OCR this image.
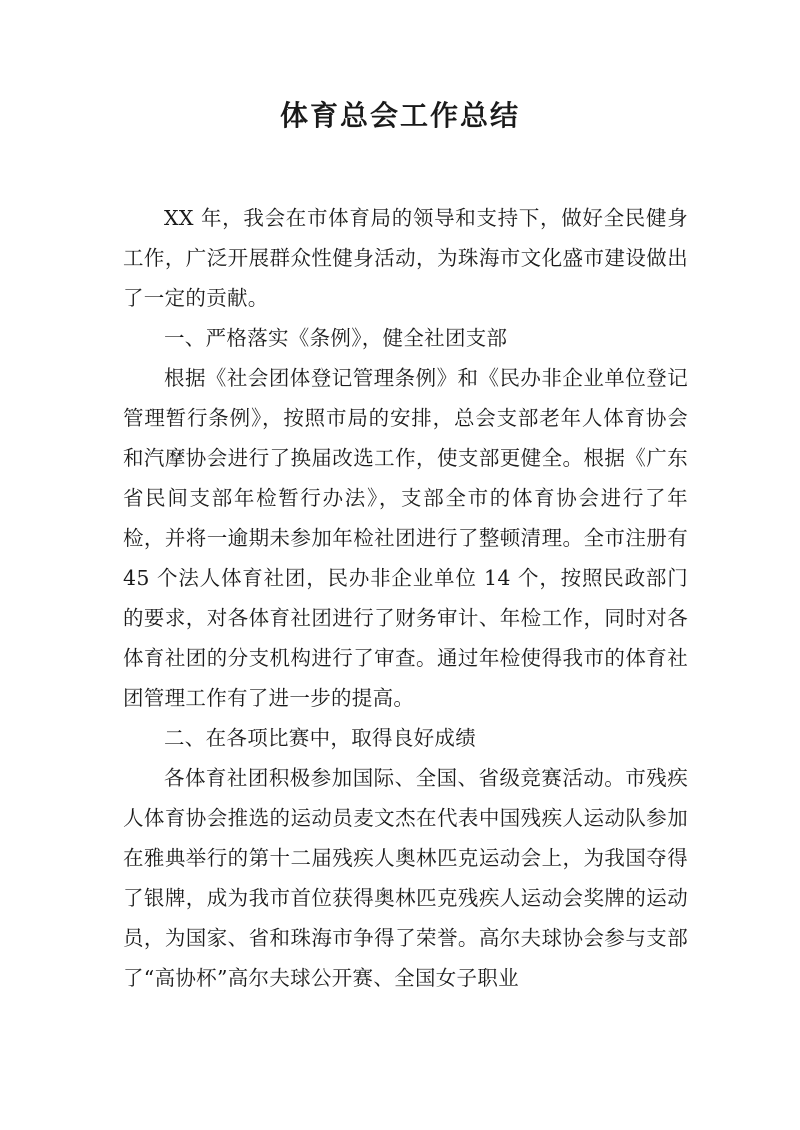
体育总会工作总结

XX 年，我会在市体育局的领导和支持下，做好全民健身工作，广泛开展群众性健身活动，为珠海市文化盛市建设做出了一定的贡献。

一、严格落实《条例》，健全社团支部

根据《社会团体登记管理条例》和《民办非企业单位登记管理暂行条例》，按照市局的安排，总会支部老年人体育协会和汽摩协会进行了换届改选工作，使支部更健全。根据《广东省民间支部年检暂行办法》，支部全市的体育协会进行了年检，并将一逾期未参加年检社团进行了整顿清理。全市注册有 45 个法人体育社团，民办非企业单位 14 个，按照民政部门的要求，对各体育社团进行了财务审计、年检工作，同时对各体育社团的分支机构进行了审查。通过年检使得我市的体育社团管理工作有了进一步的提高。

二、在各项比赛中，取得良好成绩

各体育社团积极参加国际、全国、省级竞赛活动。市残疾人体育协会推选的运动员麦文杰在代表中国残疾人运动队参加在雅典举行的第十二届残疾人奥林匹克运动会上，为我国夺得了银牌，成为我市首位获得奥林匹克残疾人运动会奖牌的运动员，为国家、省和珠海市争得了荣誉。高尔夫球协会参与支部了“高协杯”高尔夫球公开赛、全国女子职业
